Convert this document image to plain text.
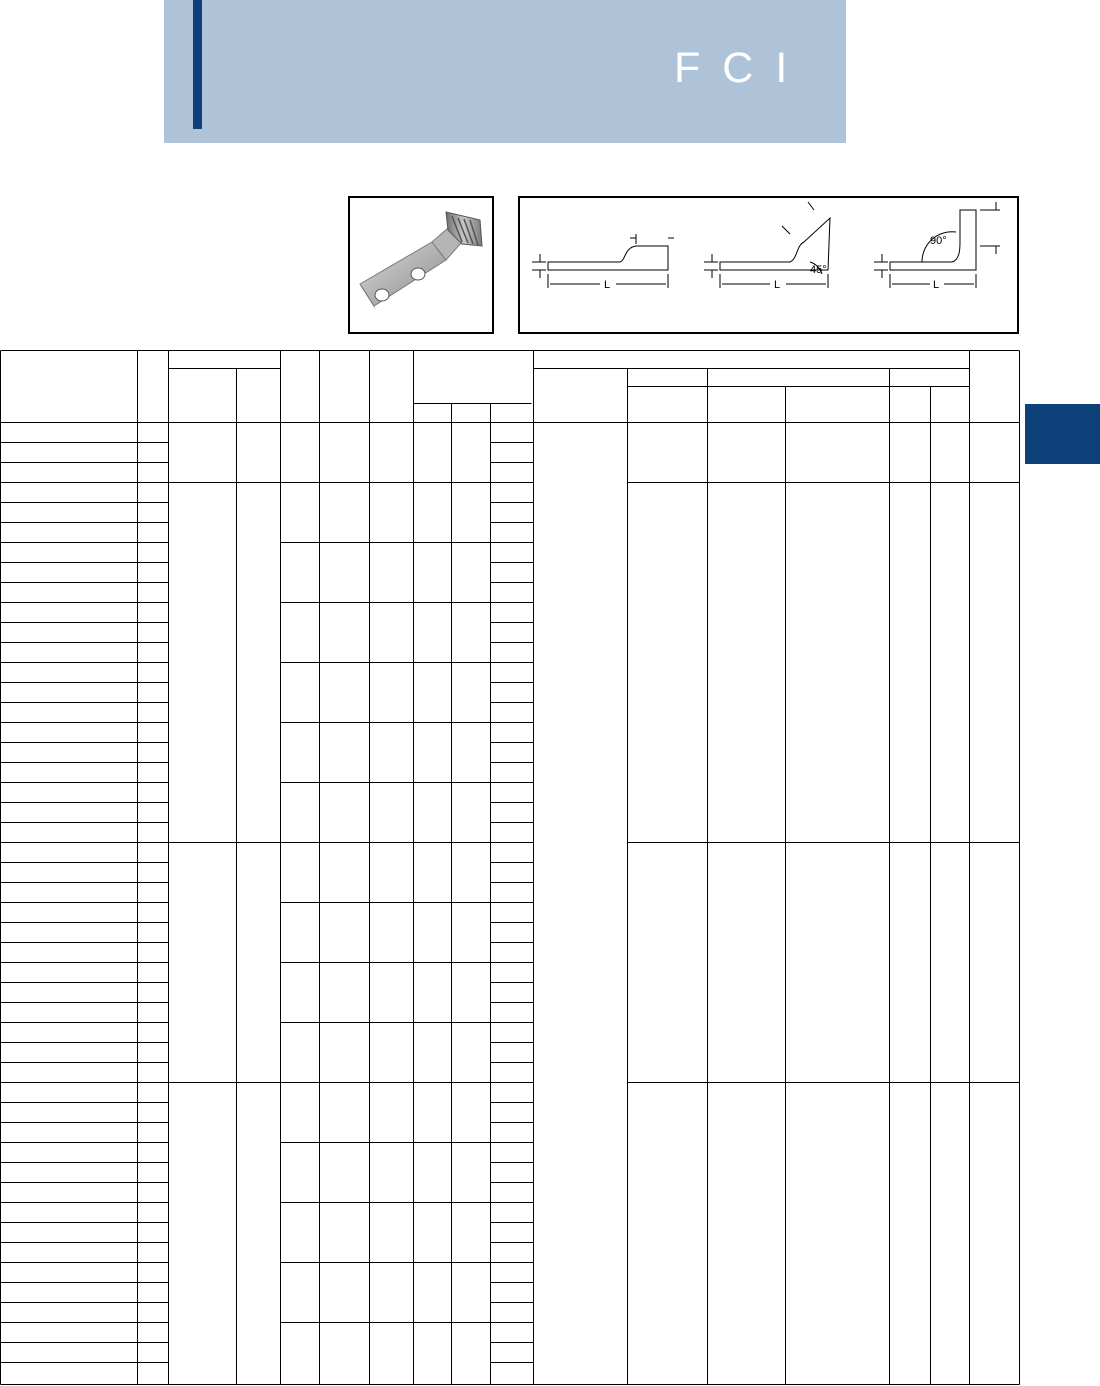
FCI
L	L
45°
L
90°
